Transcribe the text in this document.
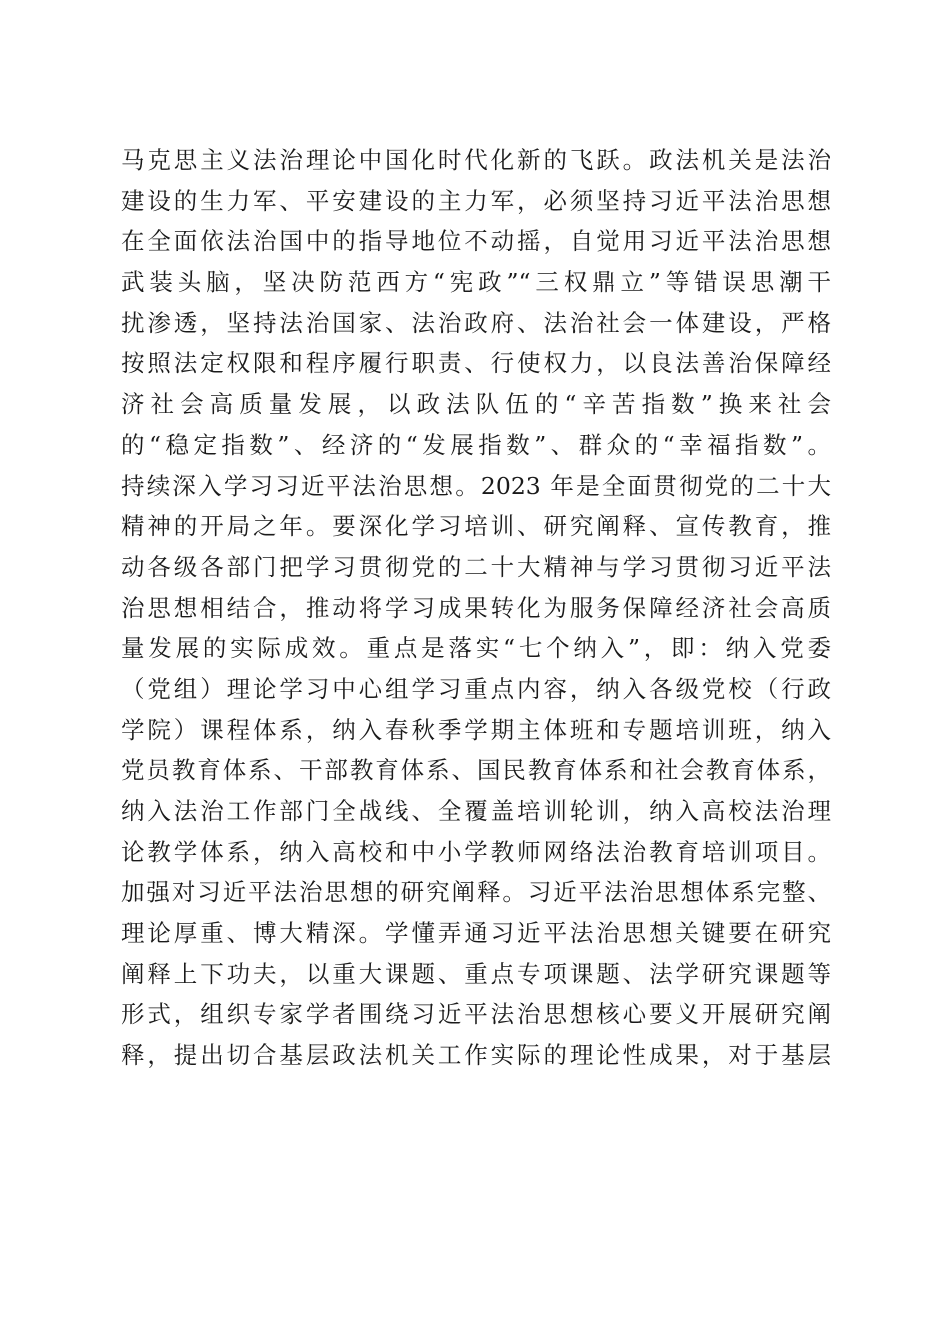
马克思主义法治理论中国化时代化新的飞跃。政法机关是法治
建设的生力军、平安建设的主力军，必须坚持习近平法治思想
在全面依法治国中的指导地位不动摇，自觉用习近平法治思想
武装头脑，坚决防范西方“宪政”“三权鼎立”等错误思潮干
扰渗透，坚持法治国家、法治政府、法治社会一体建设，严格
按照法定权限和程序履行职责、行使权力，以良法善治保障经
济社会高质量发展，以政法队伍的“辛苦指数”换来社会
的“稳定指数”、经济的“发展指数”、群众的“幸福指数”。
持续深入学习习近平法治思想。2023 年是全面贯彻党的二十大
精神的开局之年。要深化学习培训、研究阐释、宣传教育，推
动各级各部门把学习贯彻党的二十大精神与学习贯彻习近平法
治思想相结合，推动将学习成果转化为服务保障经济社会高质
量发展的实际成效。重点是落实“七个纳入”，即：纳入党委
（党组）理论学习中心组学习重点内容，纳入各级党校（行政
学院）课程体系，纳入春秋季学期主体班和专题培训班，纳入
党员教育体系、干部教育体系、国民教育体系和社会教育体系，
纳入法治工作部门全战线、全覆盖培训轮训，纳入高校法治理
论教学体系，纳入高校和中小学教师网络法治教育培训项目。
加强对习近平法治思想的研究阐释。习近平法治思想体系完整、
理论厚重、博大精深。学懂弄通习近平法治思想关键要在研究
阐释上下功夫，以重大课题、重点专项课题、法学研究课题等
形式，组织专家学者围绕习近平法治思想核心要义开展研究阐
释，提出切合基层政法机关工作实际的理论性成果，对于基层
